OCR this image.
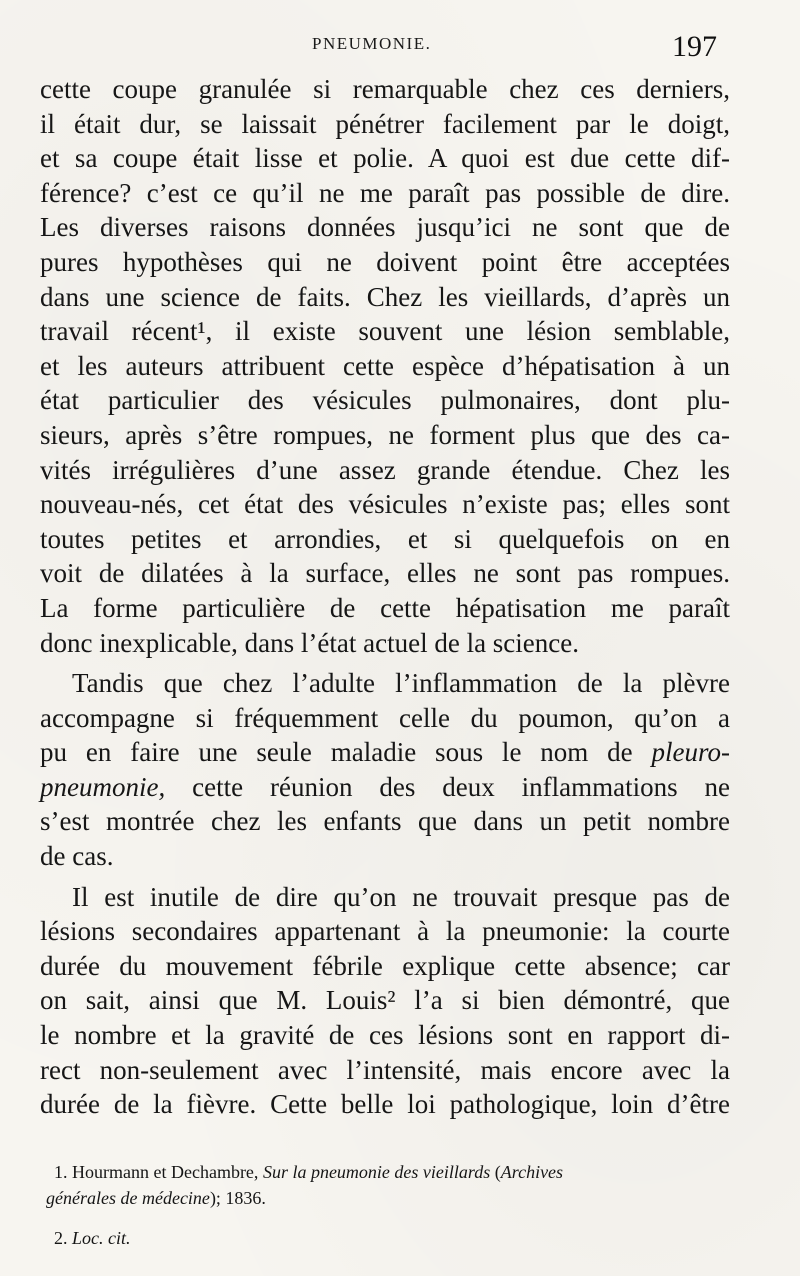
PNEUMONIE.	197
cette coupe granulée si remarquable chez ces derniers,
il était dur, se laissait pénétrer facilement par le doigt,
et sa coupe était lisse et polie. A quoi est due cette dif-
férence? c’est ce qu’il ne me paraît pas possible de dire.
Les diverses raisons données jusqu’ici ne sont que de
pures hypothèses qui ne doivent point être acceptées
dans une science de faits. Chez les vieillards, d’après un
travail récent¹, il existe souvent une lésion semblable,
et les auteurs attribuent cette espèce d’hépatisation à un
état particulier des vésicules pulmonaires, dont plu-
sieurs, après s’être rompues, ne forment plus que des ca-
vités irrégulières d’une assez grande étendue. Chez les
nouveau-nés, cet état des vésicules n’existe pas; elles sont
toutes petites et arrondies, et si quelquefois on en
voit de dilatées à la surface, elles ne sont pas rompues.
La forme particulière de cette hépatisation me paraît
donc inexplicable, dans l’état actuel de la science.
Tandis que chez l’adulte l’inflammation de la plèvre
accompagne si fréquemment celle du poumon, qu’on a
pu en faire une seule maladie sous le nom de pleuro-
pneumonie, cette réunion des deux inflammations ne
s’est montrée chez les enfants que dans un petit nombre
de cas.
Il est inutile de dire qu’on ne trouvait presque pas de
lésions secondaires appartenant à la pneumonie: la courte
durée du mouvement fébrile explique cette absence; car
on sait, ainsi que M. Louis² l’a si bien démontré, que
le nombre et la gravité de ces lésions sont en rapport di-
rect non-seulement avec l’intensité, mais encore avec la
durée de la fièvre. Cette belle loi pathologique, loin d’être
1. Hourmann et Dechambre, Sur la pneumonie des vieillards (Archives
générales de médecine); 1836.
2. Loc. cit.
